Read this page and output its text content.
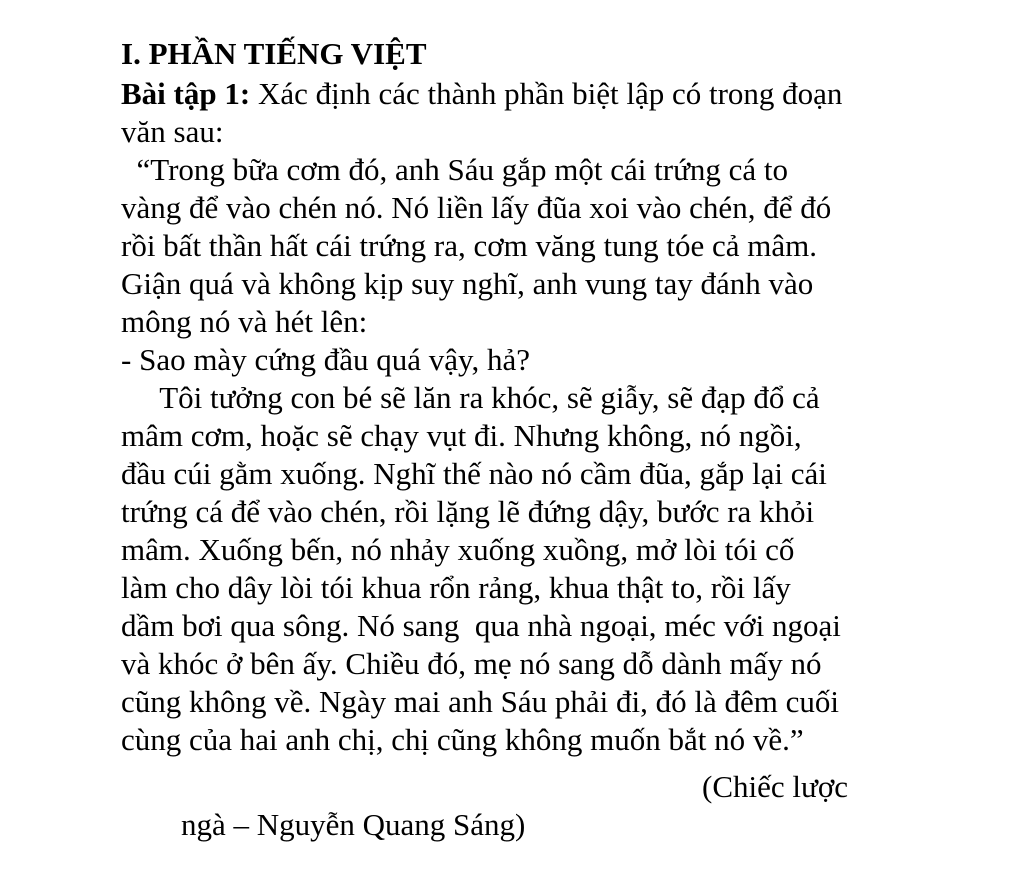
I. PHẦN TIẾNG VIỆT
Bài tập 1: Xác định các thành phần biệt lập có trong đoạn
văn sau:
“Trong bữa cơm đó, anh Sáu gắp một cái trứng cá to
vàng để vào chén nó. Nó liền lấy đũa xoi vào chén, để đó
rồi bất thần hất cái trứng ra, cơm văng tung tóe cả mâm.
Giận quá và không kịp suy nghĩ, anh vung tay đánh vào
mông nó và hét lên:
- Sao mày cứng đầu quá vậy, hả?
Tôi tưởng con bé sẽ lăn ra khóc, sẽ giẫy, sẽ đạp đổ cả
mâm cơm, hoặc sẽ chạy vụt đi. Nhưng không, nó ngồi,
đầu cúi gằm xuống. Nghĩ thế nào nó cầm đũa, gắp lại cái
trứng cá để vào chén, rồi lặng lẽ đứng dậy, bước ra khỏi
mâm. Xuống bến, nó nhảy xuống xuồng, mở lòi tói cố
làm cho dây lòi tói khua rổn rảng, khua thật to, rồi lấy
dầm bơi qua sông. Nó sang  qua nhà ngoại, méc với ngoại
và khóc ở bên ấy. Chiều đó, mẹ nó sang dỗ dành mấy nó
cũng không về. Ngày mai anh Sáu phải đi, đó là đêm cuối
cùng của hai anh chị, chị cũng không muốn bắt nó về.”
(Chiếc lược
ngà – Nguyễn Quang Sáng)
